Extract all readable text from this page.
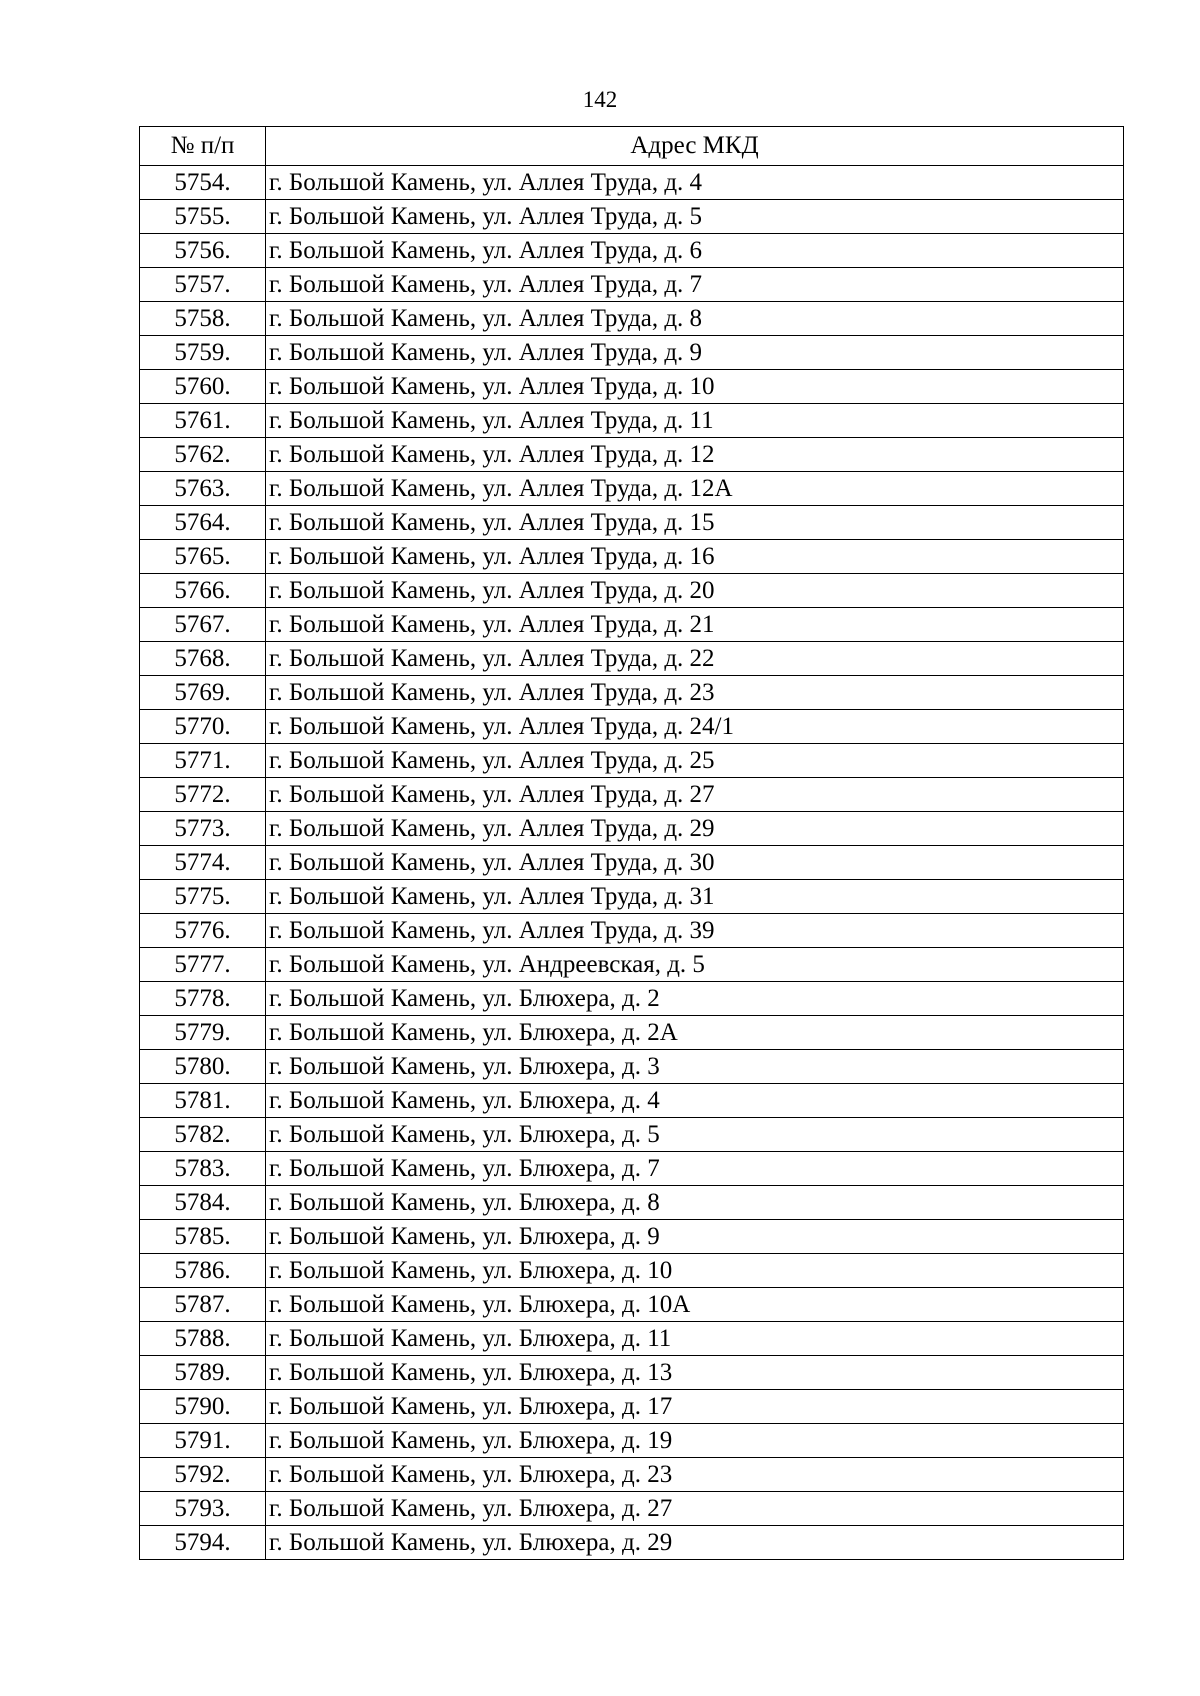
142
№ п/п	Адрес МКД
5754.	г. Большой Камень, ул. Аллея Труда, д. 4
5755.	г. Большой Камень, ул. Аллея Труда, д. 5
5756.	г. Большой Камень, ул. Аллея Труда, д. 6
5757.	г. Большой Камень, ул. Аллея Труда, д. 7
5758.	г. Большой Камень, ул. Аллея Труда, д. 8
5759.	г. Большой Камень, ул. Аллея Труда, д. 9
5760.	г. Большой Камень, ул. Аллея Труда, д. 10
5761.	г. Большой Камень, ул. Аллея Труда, д. 11
5762.	г. Большой Камень, ул. Аллея Труда, д. 12
5763.	г. Большой Камень, ул. Аллея Труда, д. 12А
5764.	г. Большой Камень, ул. Аллея Труда, д. 15
5765.	г. Большой Камень, ул. Аллея Труда, д. 16
5766.	г. Большой Камень, ул. Аллея Труда, д. 20
5767.	г. Большой Камень, ул. Аллея Труда, д. 21
5768.	г. Большой Камень, ул. Аллея Труда, д. 22
5769.	г. Большой Камень, ул. Аллея Труда, д. 23
5770.	г. Большой Камень, ул. Аллея Труда, д. 24/1
5771.	г. Большой Камень, ул. Аллея Труда, д. 25
5772.	г. Большой Камень, ул. Аллея Труда, д. 27
5773.	г. Большой Камень, ул. Аллея Труда, д. 29
5774.	г. Большой Камень, ул. Аллея Труда, д. 30
5775.	г. Большой Камень, ул. Аллея Труда, д. 31
5776.	г. Большой Камень, ул. Аллея Труда, д. 39
5777.	г. Большой Камень, ул. Андреевская, д. 5
5778.	г. Большой Камень, ул. Блюхера, д. 2
5779.	г. Большой Камень, ул. Блюхера, д. 2А
5780.	г. Большой Камень, ул. Блюхера, д. 3
5781.	г. Большой Камень, ул. Блюхера, д. 4
5782.	г. Большой Камень, ул. Блюхера, д. 5
5783.	г. Большой Камень, ул. Блюхера, д. 7
5784.	г. Большой Камень, ул. Блюхера, д. 8
5785.	г. Большой Камень, ул. Блюхера, д. 9
5786.	г. Большой Камень, ул. Блюхера, д. 10
5787.	г. Большой Камень, ул. Блюхера, д. 10А
5788.	г. Большой Камень, ул. Блюхера, д. 11
5789.	г. Большой Камень, ул. Блюхера, д. 13
5790.	г. Большой Камень, ул. Блюхера, д. 17
5791.	г. Большой Камень, ул. Блюхера, д. 19
5792.	г. Большой Камень, ул. Блюхера, д. 23
5793.	г. Большой Камень, ул. Блюхера, д. 27
5794.	г. Большой Камень, ул. Блюхера, д. 29
